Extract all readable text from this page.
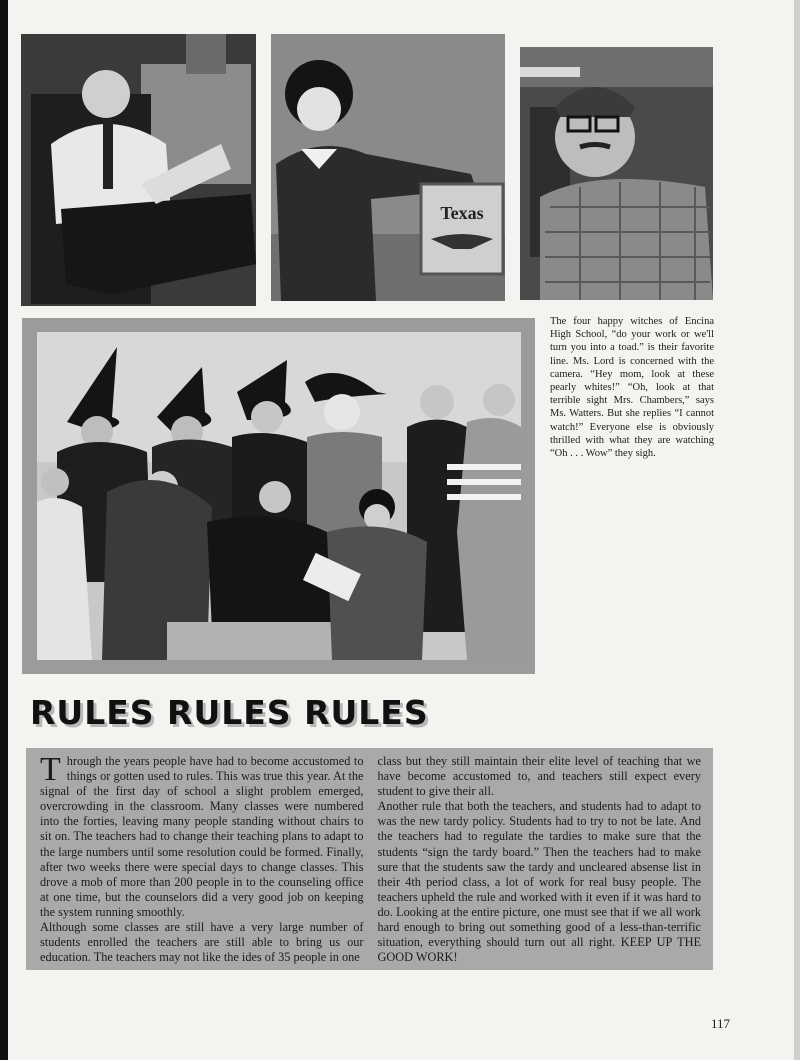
Texas
The four happy witches of Encina High School, “do your work or we'll turn you into a toad.” is their favorite line. Ms. Lord is concerned with the camera. “Hey mom, look at these pearly whites!” “Oh, look at that terrible sight Mrs. Chambers,” says Ms. Watters. But she replies “I cannot watch!” Everyone else is obviously thrilled with what they are watching “Oh . . . Wow” they sigh.
RULES RULES RULES

Through the years people have had to become accustomed to things or gotten used to rules. This was true this year. At the signal of the first day of school a slight problem emerged, overcrowding in the classroom. Many classes were numbered into the forties, leaving many people standing without chairs to sit on. The teachers had to change their teaching plans to adapt to the large numbers until some resolution could be formed. Finally, after two weeks there were special days to change classes. This drove a mob of more than 200 people in to the counseling office at one time, but the counselors did a very good job on keeping the system running smoothly.

Although some classes are still have a very large number of students enrolled the teachers are still able to bring us our education. The teachers may not like the ides of 35 people in one

class but they still maintain their elite level of teaching that we have become accustomed to, and teachers still expect every student to give their all.

Another rule that both the teachers, and students had to adapt to was the new tardy policy. Students had to try to not be late. And the teachers had to regulate the tardies to make sure that the students “sign the tardy board.” Then the teachers had to make sure that the students saw the tardy and uncleared absense list in their 4th period class, a lot of work for real busy people. The teachers upheld the rule and worked with it even if it was hard to do. Looking at the entire picture, one must see that if we all work hard enough to bring out something good of a less-than-terrific situation, everything should turn out all right. KEEP UP THE GOOD WORK!

117
